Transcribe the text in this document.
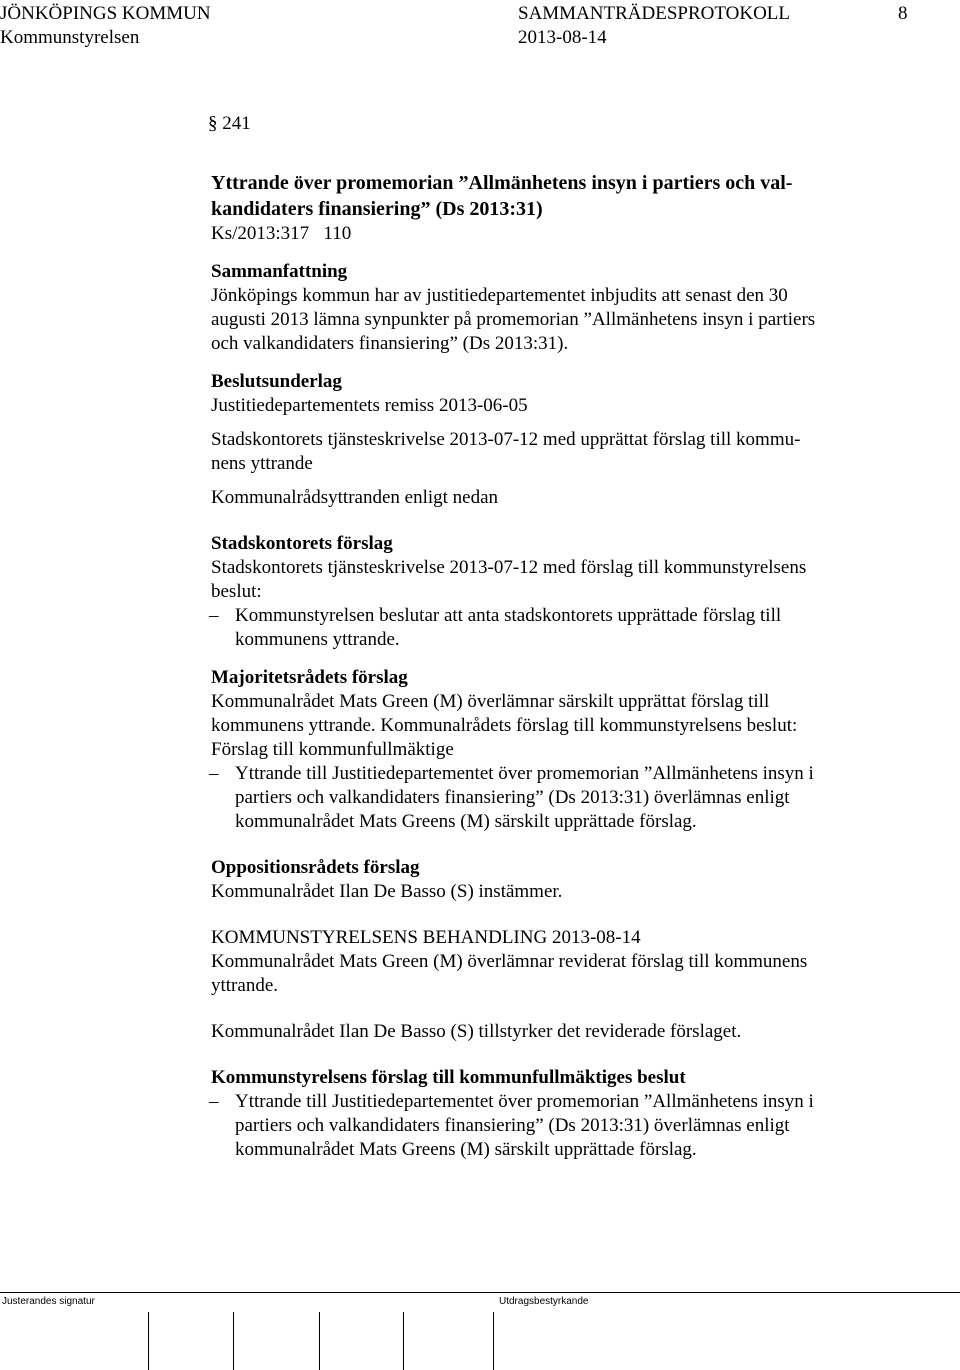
JÖNKÖPINGS KOMMUN	SAMMANTRÄDESPROTOKOLL	8
Kommunstyrelsen	2013-08-14
§ 241
Yttrande över promemorian ”Allmänhetens insyn i partiers och val-
kandidaters finansiering” (Ds 2013:31)
Ks/2013:317   110
Sammanfattning
Jönköpings kommun har av justitiedepartementet inbjudits att senast den 30
augusti 2013 lämna synpunkter på promemorian ”Allmänhetens insyn i partiers
och valkandidaters finansiering” (Ds 2013:31).
Beslutsunderlag
Justitiedepartementets remiss 2013-06-05
Stadskontorets tjänsteskrivelse 2013-07-12 med upprättat förslag till kommu-
nens yttrande
Kommunalrådsyttranden enligt nedan
Stadskontorets förslag
Stadskontorets tjänsteskrivelse 2013-07-12 med förslag till kommunstyrelsens
beslut:
– Kommunstyrelsen beslutar att anta stadskontorets upprättade förslag till
kommunens yttrande.
Majoritetsrådets förslag
Kommunalrådet Mats Green (M) överlämnar särskilt upprättat förslag till
kommunens yttrande. Kommunalrådets förslag till kommunstyrelsens beslut:
Förslag till kommunfullmäktige
– Yttrande till Justitiedepartementet över promemorian ”Allmänhetens insyn i
partiers och valkandidaters finansiering” (Ds 2013:31) överlämnas enligt
kommunalrådet Mats Greens (M) särskilt upprättade förslag.
Oppositionsrådets förslag
Kommunalrådet Ilan De Basso (S) instämmer.
KOMMUNSTYRELSENS BEHANDLING 2013-08-14
Kommunalrådet Mats Green (M) överlämnar reviderat förslag till kommunens
yttrande.
Kommunalrådet Ilan De Basso (S) tillstyrker det reviderade förslaget.
Kommunstyrelsens förslag till kommunfullmäktiges beslut
– Yttrande till Justitiedepartementet över promemorian ”Allmänhetens insyn i
partiers och valkandidaters finansiering” (Ds 2013:31) överlämnas enligt
kommunalrådet Mats Greens (M) särskilt upprättade förslag.
Justerandes signatur	Utdragsbestyrkande
